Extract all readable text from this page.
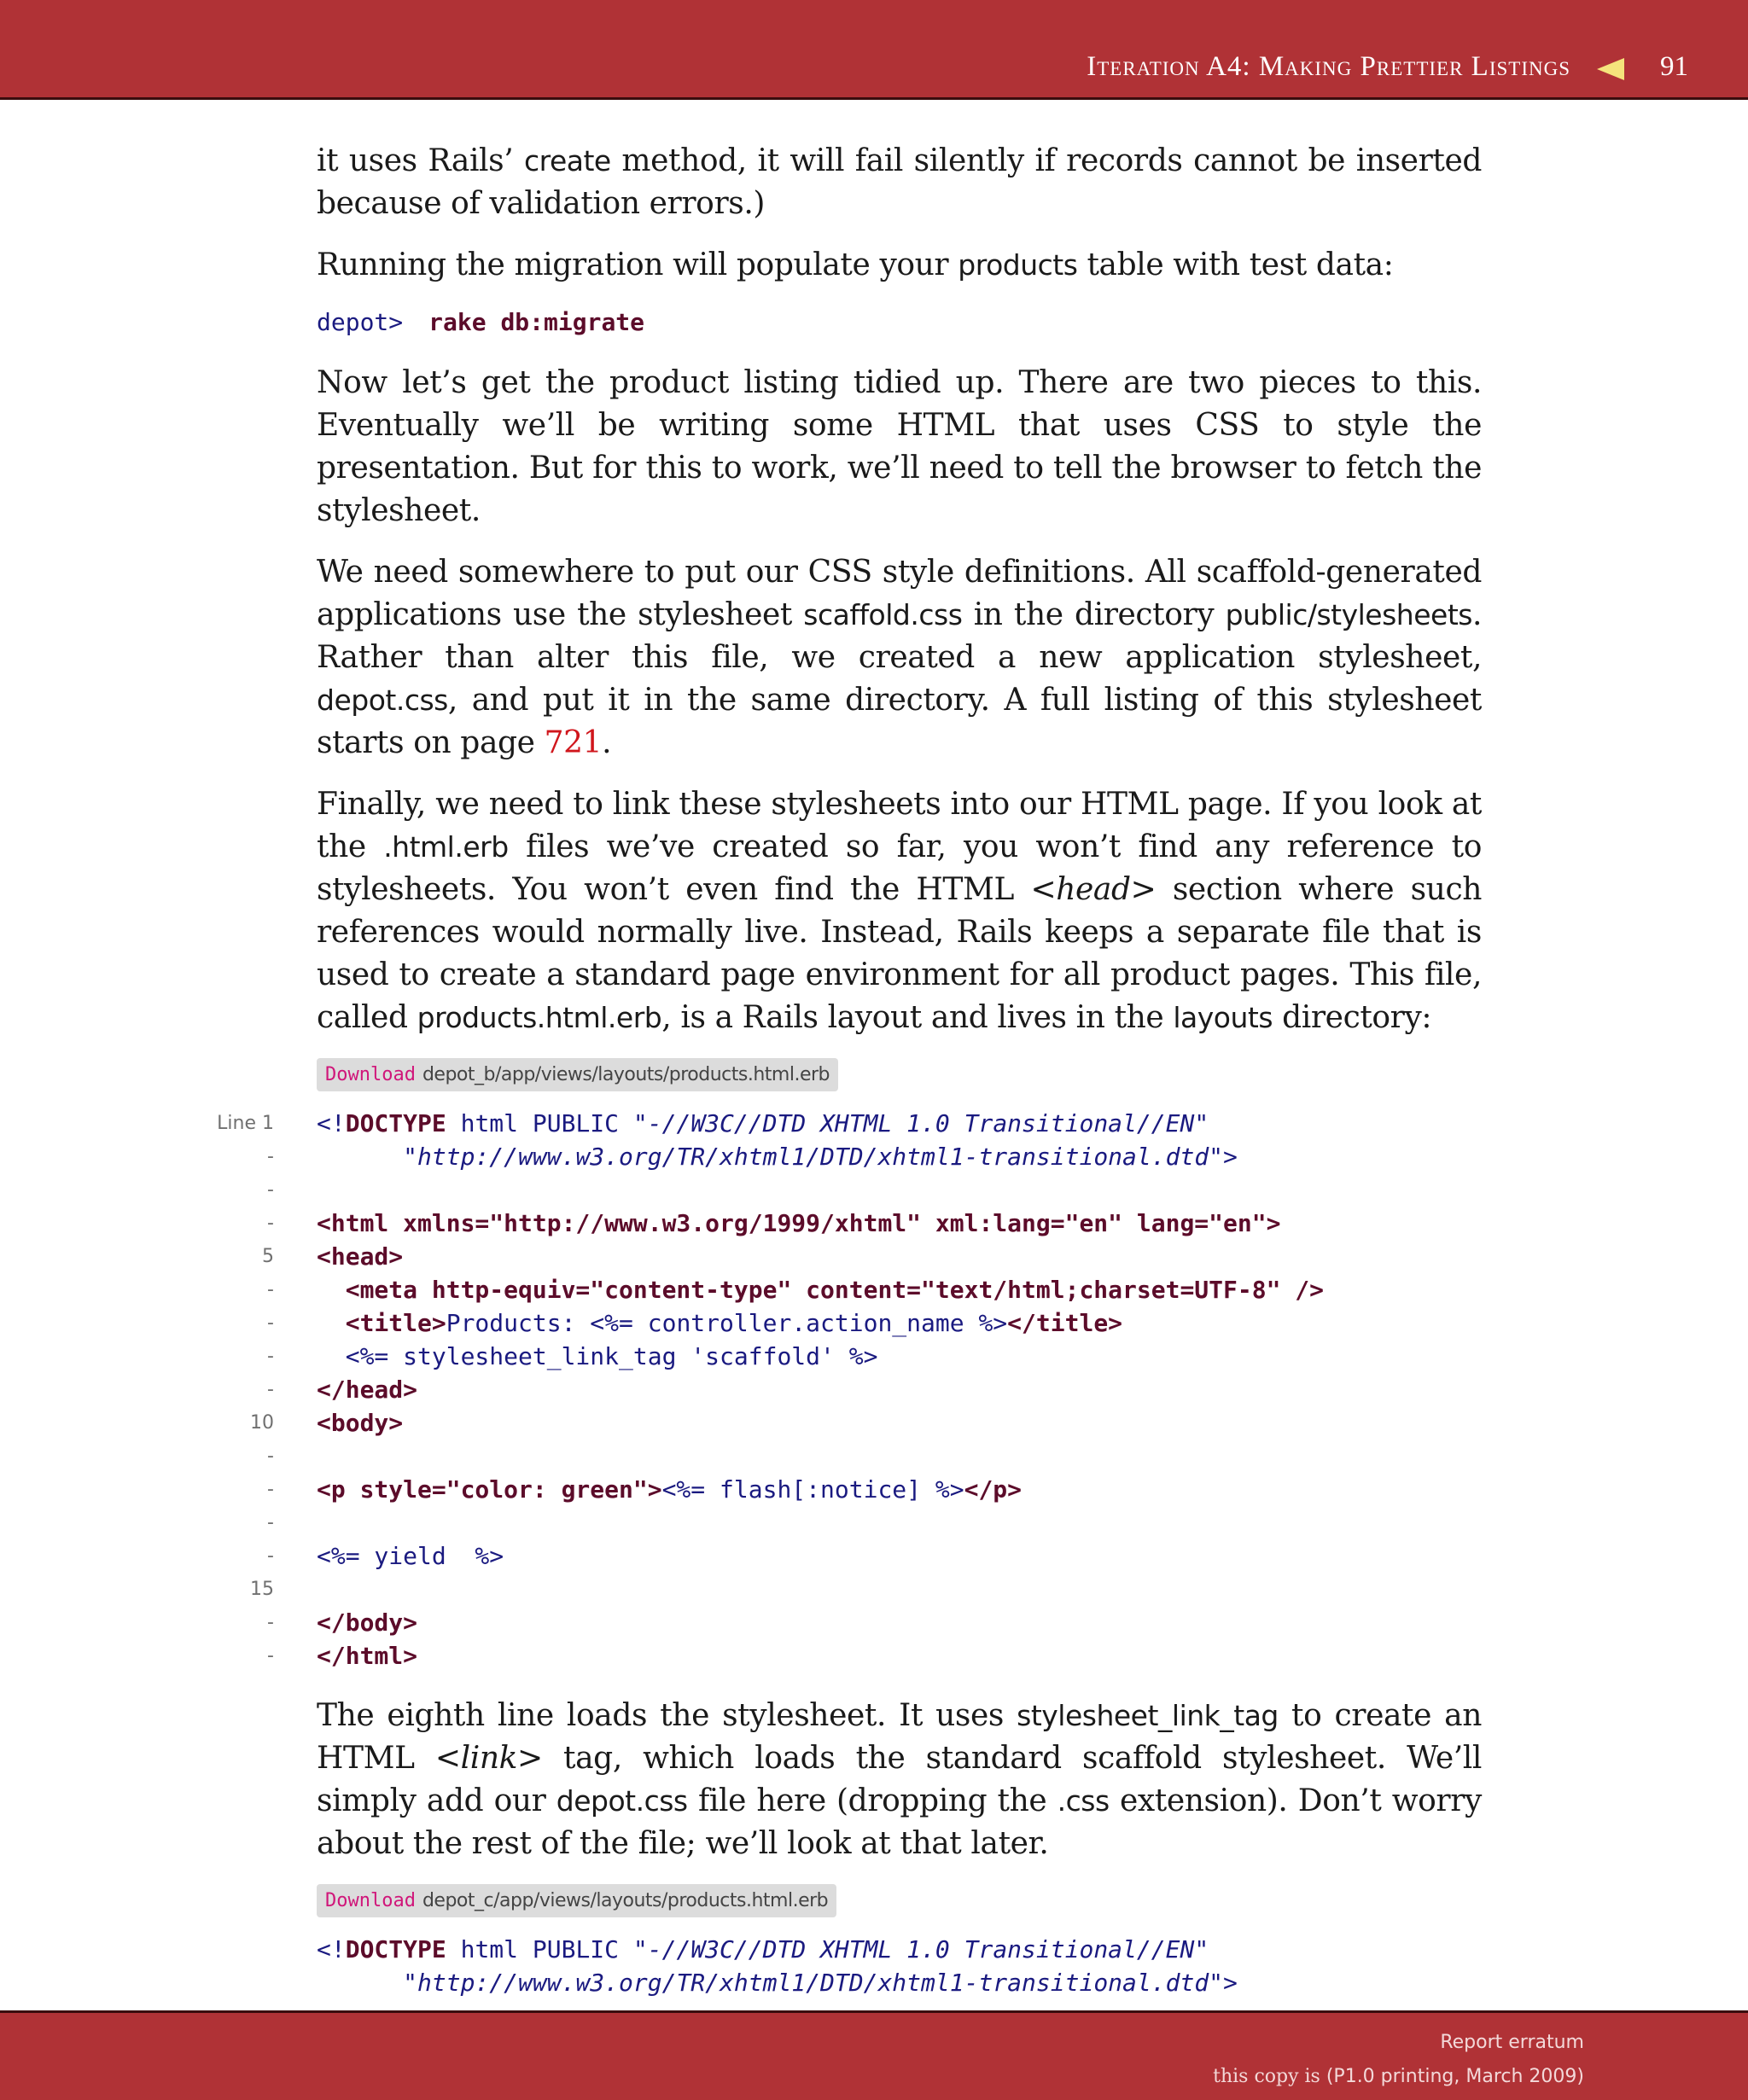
Iteration A4: Making Prettier Listings	91

it uses Rails’ create method, it will fail silently if records cannot be inserted because of validation errors.)

Running the migration will populate your products table with test data:

depot> rake db:migrate

Now let’s get the product listing tidied up. There are two pieces to this. Eventually we’ll be writing some HTML that uses CSS to style the presentation. But for this to work, we’ll need to tell the browser to fetch the stylesheet.

We need somewhere to put our CSS style definitions. All scaffold-generated applications use the stylesheet scaffold.css in the directory public/stylesheets. Rather than alter this file, we created a new application stylesheet, depot.css, and put it in the same directory. A full listing of this stylesheet starts on page 721.

Finally, we need to link these stylesheets into our HTML page. If you look at the .html.erb files we’ve created so far, you won’t find any reference to stylesheets. You won’t even find the HTML <head> section where such references would normally live. Instead, Rails keeps a separate file that is used to create a standard page environment for all product pages. This file, called products.html.erb, is a Rails layout and lives in the layouts directory:

Download depot_b/app/views/layouts/products.html.erb
Line 1 <!DOCTYPE html PUBLIC "-//W3C//DTD XHTML 1.0 Transitional//EN"
-	"http://www.w3.org/TR/xhtml1/DTD/xhtml1-transitional.dtd">
-
- <html xmlns="http://www.w3.org/1999/xhtml" xml:lang="en" lang="en">
5 <head>
- <meta http-equiv="content-type" content="text/html;charset=UTF-8" />
- <title>Products: <%= controller.action_name %></title>
- <%= stylesheet_link_tag 'scaffold' %>
- </head>
10 <body>
-
- <p style="color: green"><%= flash[:notice] %></p>
-
- <%= yield  %>
15
- </body>
- </html>

The eighth line loads the stylesheet. It uses stylesheet_link_tag to create an HTML <link> tag, which loads the standard scaffold stylesheet. We’ll simply add our depot.css file here (dropping the .css extension). Don’t worry about the rest of the file; we’ll look at that later.

Download depot_c/app/views/layouts/products.html.erb
<!DOCTYPE html PUBLIC "-//W3C//DTD XHTML 1.0 Transitional//EN"
"http://www.w3.org/TR/xhtml1/DTD/xhtml1-transitional.dtd">
Report erratum
this copy is (P1.0 printing, March 2009)
